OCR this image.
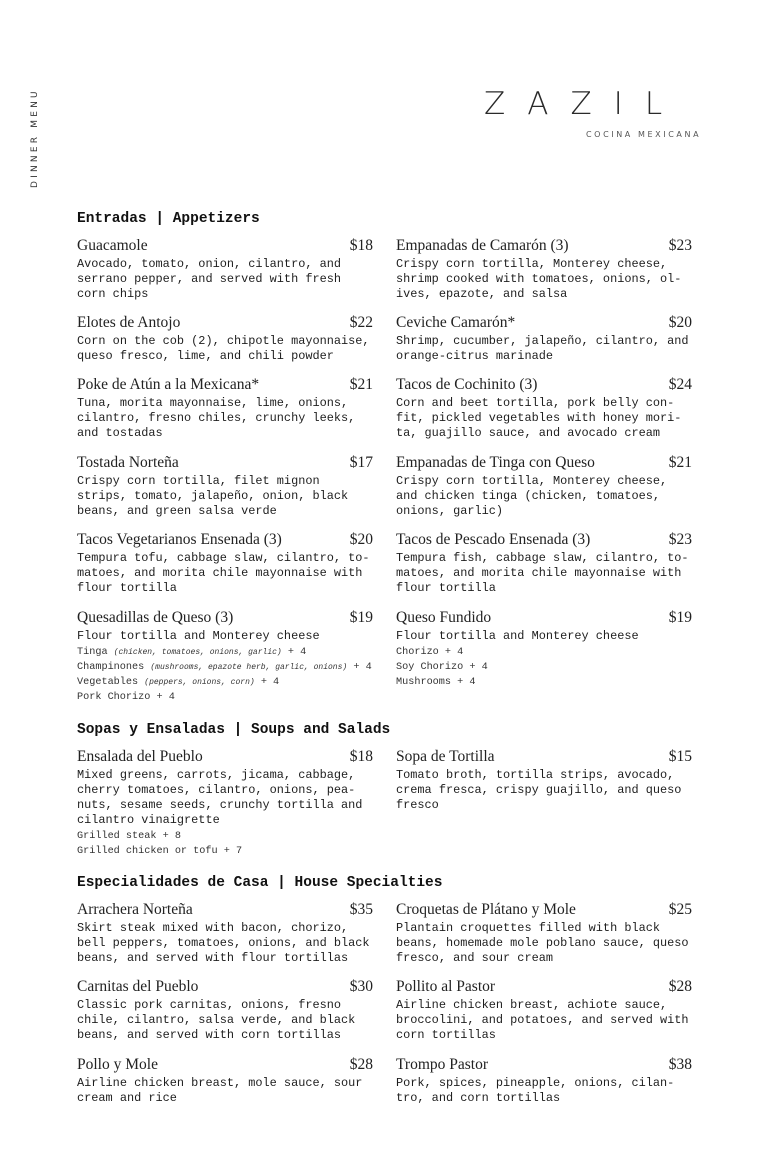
DINNER MENU	ZAZIL
COCINA MEXICANA
Entradas | Appetizers
Guacamole	$18
Avocado, tomato, onion, cilantro, and
serrano pepper, and served with fresh
corn chips
Empanadas de Camarón (3)	$23
Crispy corn tortilla, Monterey cheese,
shrimp cooked with tomatoes, onions, ol-
ives, epazote, and salsa
Elotes de Antojo	$22
Corn on the cob (2), chipotle mayonnaise,
queso fresco, lime, and chili powder
Ceviche Camarón*	$20
Shrimp, cucumber, jalapeño, cilantro, and
orange-citrus marinade
Poke de Atún a la Mexicana*	$21
Tuna, morita mayonnaise, lime, onions,
cilantro, fresno chiles, crunchy leeks,
and tostadas
Tacos de Cochinito (3)	$24
Corn and beet tortilla, pork belly con-
fit, pickled vegetables with honey mori-
ta, guajillo sauce, and avocado cream
Tostada Norteña	$17
Crispy corn tortilla, filet mignon
strips, tomato, jalapeño, onion, black
beans, and green salsa verde
Empanadas de Tinga con Queso	$21
Crispy corn tortilla, Monterey cheese,
and chicken tinga (chicken, tomatoes,
onions, garlic)
Tacos Vegetarianos Ensenada (3)	$20
Tempura tofu, cabbage slaw, cilantro, to-
matoes, and morita chile mayonnaise with
flour tortilla
Tacos de Pescado Ensenada (3)	$23
Tempura fish, cabbage slaw, cilantro, to-
matoes, and morita chile mayonnaise with
flour tortilla
Quesadillas de Queso (3)	$19
Flour tortilla and Monterey cheese
Tinga (chicken, tomatoes, onions, garlic) + 4
Champinones (mushrooms, epazote herb, garlic, onions) + 4
Vegetables (peppers, onions, corn) + 4
Pork Chorizo + 4
Queso Fundido	$19
Flour tortilla and Monterey cheese
Chorizo + 4
Soy Chorizo + 4
Mushrooms + 4
Sopas y Ensaladas | Soups and Salads
Ensalada del Pueblo	$18
Mixed greens, carrots, jicama, cabbage,
cherry tomatoes, cilantro, onions, pea-
nuts, sesame seeds, crunchy tortilla and
cilantro vinaigrette
Grilled steak + 8
Grilled chicken or tofu + 7
Sopa de Tortilla	$15
Tomato broth, tortilla strips, avocado,
crema fresca, crispy guajillo, and queso
fresco
Especialidades de Casa | House Specialties
Arrachera Norteña	$35
Skirt steak mixed with bacon, chorizo,
bell peppers, tomatoes, onions, and black
beans, and served with flour tortillas
Croquetas de Plátano y Mole	$25
Plantain croquettes filled with black
beans, homemade mole poblano sauce, queso
fresco, and sour cream
Carnitas del Pueblo	$30
Classic pork carnitas, onions, fresno
chile, cilantro, salsa verde, and black
beans, and served with corn tortillas
Pollito al Pastor	$28
Airline chicken breast, achiote sauce,
broccolini, and potatoes, and served with
corn tortillas
Pollo y Mole	$28
Airline chicken breast, mole sauce, sour
cream and rice
Trompo Pastor	$38
Pork, spices, pineapple, onions, cilan-
tro, and corn tortillas
